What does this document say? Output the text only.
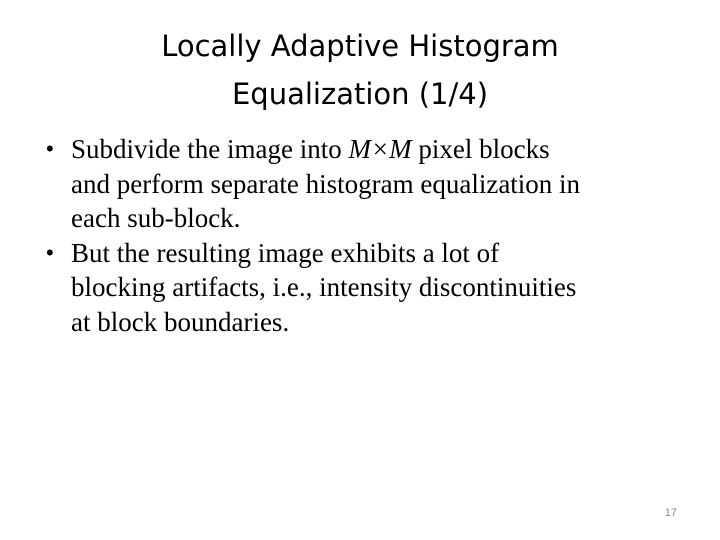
Locally Adaptive Histogram
Equalization (1/4)
• Subdivide the image into M×M pixel blocks
and perform separate histogram equalization in
each sub-block.
• But the resulting image exhibits a lot of
blocking artifacts, i.e., intensity discontinuities
at block boundaries.
17
